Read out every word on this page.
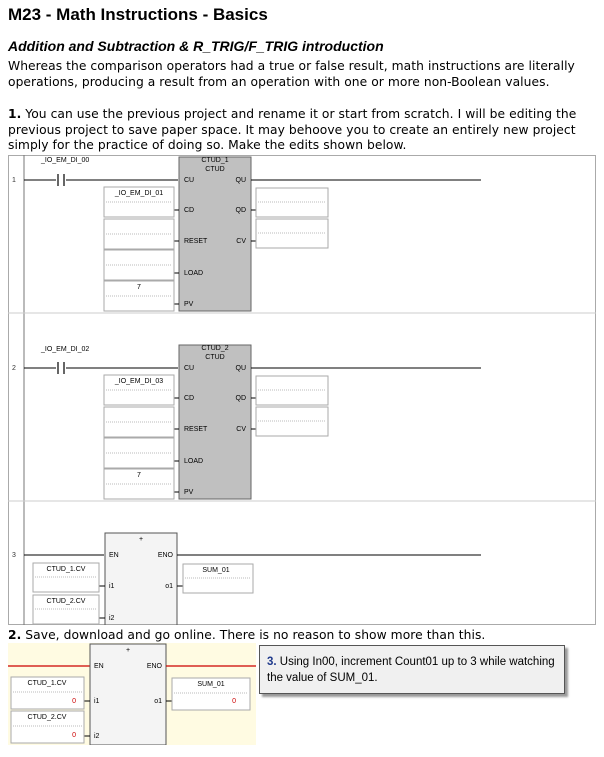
M23 - Math Instructions - Basics
Addition and Subtraction & R_TRIG/F_TRIG introduction

Whereas the comparison operators had a true or false result, math instructions are literally operations, producing a result from an operation with one or more non-Boolean values.

1. You can use the previous project and rename it or start from scratch. I will be editing the previous project to save paper space. It may behoove you to create an entirely new project simply for the practice of doing so. Make the edits shown below.

1
_IO_EM_DI_00	CTUD_1
CTUD
CU
CD
RESET
LOAD
PV
QU
QD
CV
_IO_EM_DI_01
7
2
_IO_EM_DI_02	CTUD_2
CTUD
CU
CD
RESET
LOAD
PV
QU
QD
CV
_IO_EM_DI_03
7
3
+
EN	ENO
i1
i2
o1
CTUD_1.CV
CTUD_2.CV
SUM_01

2. Save, download and go online. There is no reason to show more than this.

+
EN	ENO
i1
i2
o1
CTUD_1.CV
0
CTUD_2.CV
0
SUM_01
0
3. Using In00, increment Count01 up to 3 while watching the value of SUM_01.
